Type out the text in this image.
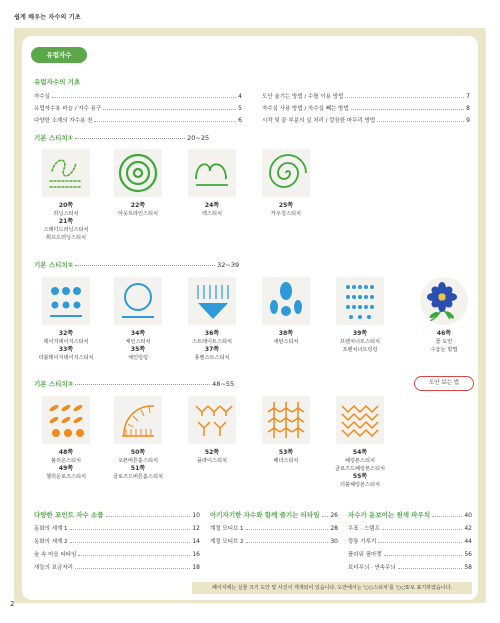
쉽게 배우는 자수의 기초
유럽자수
유럽자수의 기초
자수실	4
유럽자수용 바늘 / 자수 용구	5
다양한 소재의 자수용 천	6
도안 옮기는 방법 / 수틀 이용 방법	7
자수실 사용 방법 / 자수실 빼는 방법	8
시작 및 끝 부분의 실 처리 / 깔끔한 마무리 방법	9
기본 스티치①	20~25
20쪽
러닝스티치
21쪽
스레디드러닝스티치
휘프드러닝스티치
22쪽
아웃트라인스티치
24쪽
백스티치
25쪽
카우칭스티치
기본 스티치②	32~39
32쪽
레이지데이지스티치
33쪽
더블레이지데이지스티치
34쪽
체인스티치
35쪽
체인링링
36쪽
스트레이트스티치
37쪽
퐁멘스트스티치
38쪽
새틴스티치
39쪽
프렌치너트스티치
프렌치너트링링
46쪽
꽃 도안
수놓는 방법
도안 보는 법
기본 스티치③	48~55
48쪽
불리온스티치
49쪽
첼리온로즈스티치
50쪽
오픈버튼홀스티치
51쪽
클로즈드버튼홀스티치
52쪽
플라이스티치
53쪽
페더스티치
54쪽
헤링본스티치
클로즈드헤링본스티치
55쪽
더블헤링본스티치
다양한 포인트 자수 소품	10
동화의 세계 1	12
동화의 세계 2	14
숲 속 마을 티타임	16
새들의 보금자리	18
아기자기한 자수와 함께 즐기는 티타임 26
계절 모티브 1	28
계절 모티브 2	30
자수가 돋보이는 원색 파우치	40
우표 · 스탬프	42
깡통 가루기	44
플라워 필마켓	56
보더무늬 · 연속무늬	58
페이지에는 실물 크기 도안 및 사진이 게재되어 있습니다. 도안에서는 '○○스티치'를 '○○S'로 표기하였습니다.
2
